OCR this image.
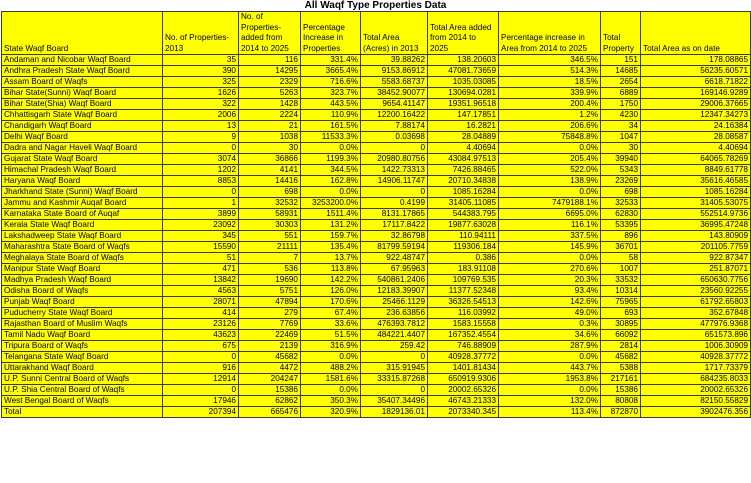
All Waqf Type Properties Data
State Waqf Board	No. of Properties-2013	No. of Properties- added from 2014 to 2025	Percentage Increase in Properties	Total Area (Acres) in 2013	Total Area added from 2014 to 2025	Percentage increase in Area from 2014 to 2025	Total Property	Total Area as on date
Andaman and Nicobar Waqf Board	35	116	331.4%	39.88262	138.20603	346.5%	151	178.08865
Andhra Pradesh State Waqf Board	390	14295	3665.4%	9153.86912	47081.73659	514.3%	14685	56235.60571
Assam Board of Waqfs	325	2329	716.6%	5583.68737	1035.03085	18.5%	2654	6618.71822
Bihar State(Sunni) Waqf Board	1626	5263	323.7%	38452.90077	130694.0281	339.9%	6889	169146.9289
Bihar State(Shia) Waqf Board	322	1428	443.5%	9654.41147	19351.96518	200.4%	1750	29006.37665
Chhattisgarh State Waqf Board	2006	2224	110.9%	12200.16422	147.17851	1.2%	4230	12347.34273
Chandigarh Waqf Board	13	21	161.5%	7.88174	16.2821	206.6%	34	24.16384
Delhi Waqf Board	9	1038	11533.3%	0.03698	28.04889	75848.8%	1047	28.08587
Dadra and Nagar Haveli Waqf Board	0	30	0.0%	0	4.40694	0.0%	30	4.40694
Gujarat State Waqf Board	3074	36866	1199.3%	20980.80756	43084.97513	205.4%	39940	64065.78269
Himachal Pradesh Waqf Board	1202	4141	344.5%	1422.73313	7426.88465	522.0%	5343	8849.61778
Haryana Waqf Board	8853	14416	162.8%	14906.11747	20710.34838	138.9%	23269	35616.46585
Jharkhand State (Sunni) Waqf Board	0	698	0.0%	0	1085.16284	0.0%	698	1085.16284
Jammu and Kashmir Auqaf Board	1	32532	3253200.0%	0.4199	31405.11085	7479188.1%	32533	31405.53075
Karnataka State Board of Auqaf	3899	58931	1511.4%	8131.17865	544383.795	6695.0%	62830	552514.9736
Kerala State Waqf Board	23092	30303	131.2%	17117.8422	19877.63028	116.1%	53395	36995.47248
Lakshadweep State Waqf Board	345	551	159.7%	32.86798	110.94111	337.5%	896	143.80909
Maharashtra State Board of Waqfs	15590	21111	135.4%	81799.59194	119306.184	145.9%	36701	201105.7759
Meghalaya State Board of Waqfs	51	7	13.7%	922.48747	0.386	0.0%	58	922.87347
Manipur State Waqf Board	471	536	113.8%	67.95963	183.91108	270.6%	1007	251.87071
Madhya Pradesh Waqf Board	13842	19690	142.2%	540861.2406	109769.535	20.3%	33532	650630.7756
Odisha Board of Waqfs	4563	5751	126.0%	12183.39907	11377.52348	93.4%	10314	23560.92255
Punjab Waqf Board	28071	47894	170.6%	25466.1129	36326.54513	142.6%	75965	61792.65803
Puducherry State Waqf Board	414	279	67.4%	236.63856	116.03992	49.0%	693	352.67848
Rajasthan Board of Muslim Waqfs	23126	7769	33.6%	476393.7812	1583.15558	0.3%	30895	477976.9368
Tamil Nadu Waqf Board	43623	22469	51.5%	484221.4407	167352.4554	34.6%	66092	651573.896
Tripura Board of Waqfs	675	2139	316.9%	259.42	746.88909	287.9%	2814	1006.30909
Telangana State Waqf Board	0	45682	0.0%	0	40928.37772	0.0%	45682	40928.37772
Uttarakhand Waqf Board	916	4472	488.2%	315.91945	1401.81434	443.7%	5388	1717.73379
U.P. Sunni Central Board of Waqfs	12914	204247	1581.6%	33315.87268	650919.9306	1953.8%	217161	684235.8033
U.P. Shia Central Board of Waqfs	0	15386	0.0%	0	20002.65326	0.0%	15386	20002.65326
West Bengal Board of Waqfs	17946	62862	350.3%	35407.34496	46743.21333	132.0%	80808	82150.55829
Total	207394	665476	320.9%	1829136.01	2073340.345	113.4%	872870	3902476.356
